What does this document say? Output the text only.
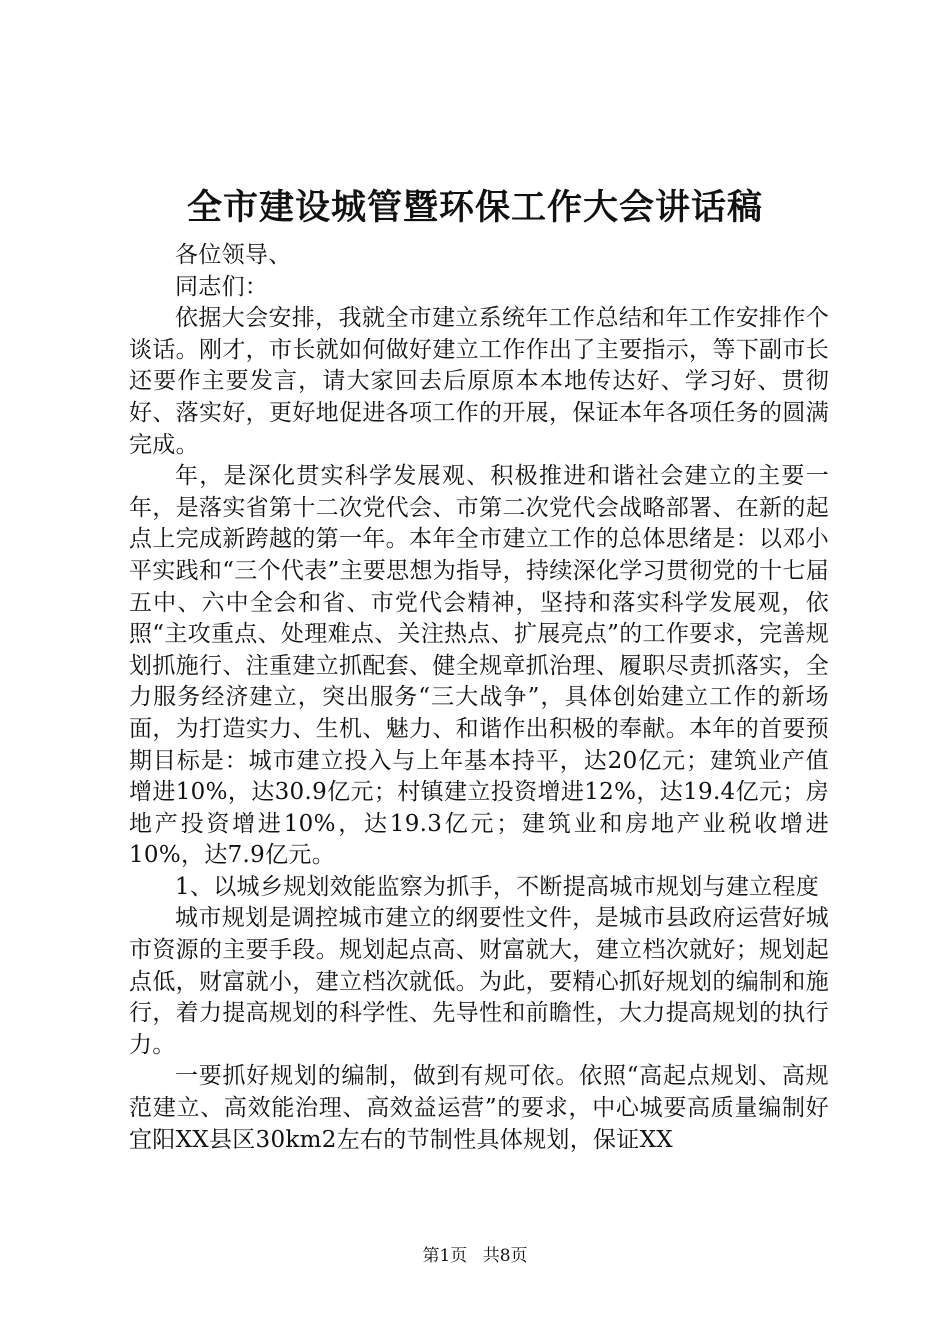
全市建设城管暨环保工作大会讲话稿

各位领导、

同志们：

依据大会安排，我就全市建立系统年工作总结和年工作安排作个谈话。刚才，市长就如何做好建立工作作出了主要指示，等下副市长还要作主要发言，请大家回去后原原本本地传达好、学习好、贯彻好、落实好，更好地促进各项工作的开展，保证本年各项任务的圆满完成。

年，是深化贯实科学发展观、积极推进和谐社会建立的主要一年，是落实省第十二次党代会、市第二次党代会战略部署、在新的起点上完成新跨越的第一年。本年全市建立工作的总体思绪是：以邓小平实践和“三个代表”主要思想为指导，持续深化学习贯彻党的十七届五中、六中全会和省、市党代会精神，坚持和落实科学发展观，依照“主攻重点、处理难点、关注热点、扩展亮点”的工作要求，完善规划抓施行、注重建立抓配套、健全规章抓治理、履职尽责抓落实，全力服务经济建立，突出服务“三大战争”，具体创始建立工作的新场面，为打造实力、生机、魅力、和谐作出积极的奉献。本年的首要预期目标是：城市建立投入与上年基本持平，达20亿元；建筑业产值增进10%，达30.9亿元；村镇建立投资增进12%，达19.4亿元；房地产投资增进10%，达19.3亿元；建筑业和房地产业税收增进10%，达7.9亿元。

1、以城乡规划效能监察为抓手，不断提高城市规划与建立程度

城市规划是调控城市建立的纲要性文件，是城市县政府运营好城市资源的主要手段。规划起点高、财富就大，建立档次就好；规划起点低，财富就小，建立档次就低。为此，要精心抓好规划的编制和施行，着力提高规划的科学性、先导性和前瞻性，大力提高规划的执行力。

一要抓好规划的编制，做到有规可依。依照“高起点规划、高规范建立、高效能治理、高效益运营”的要求，中心城要高质量编制好宜阳XX县区30km2左右的节制性具体规划，保证XX

第1页 共8页
